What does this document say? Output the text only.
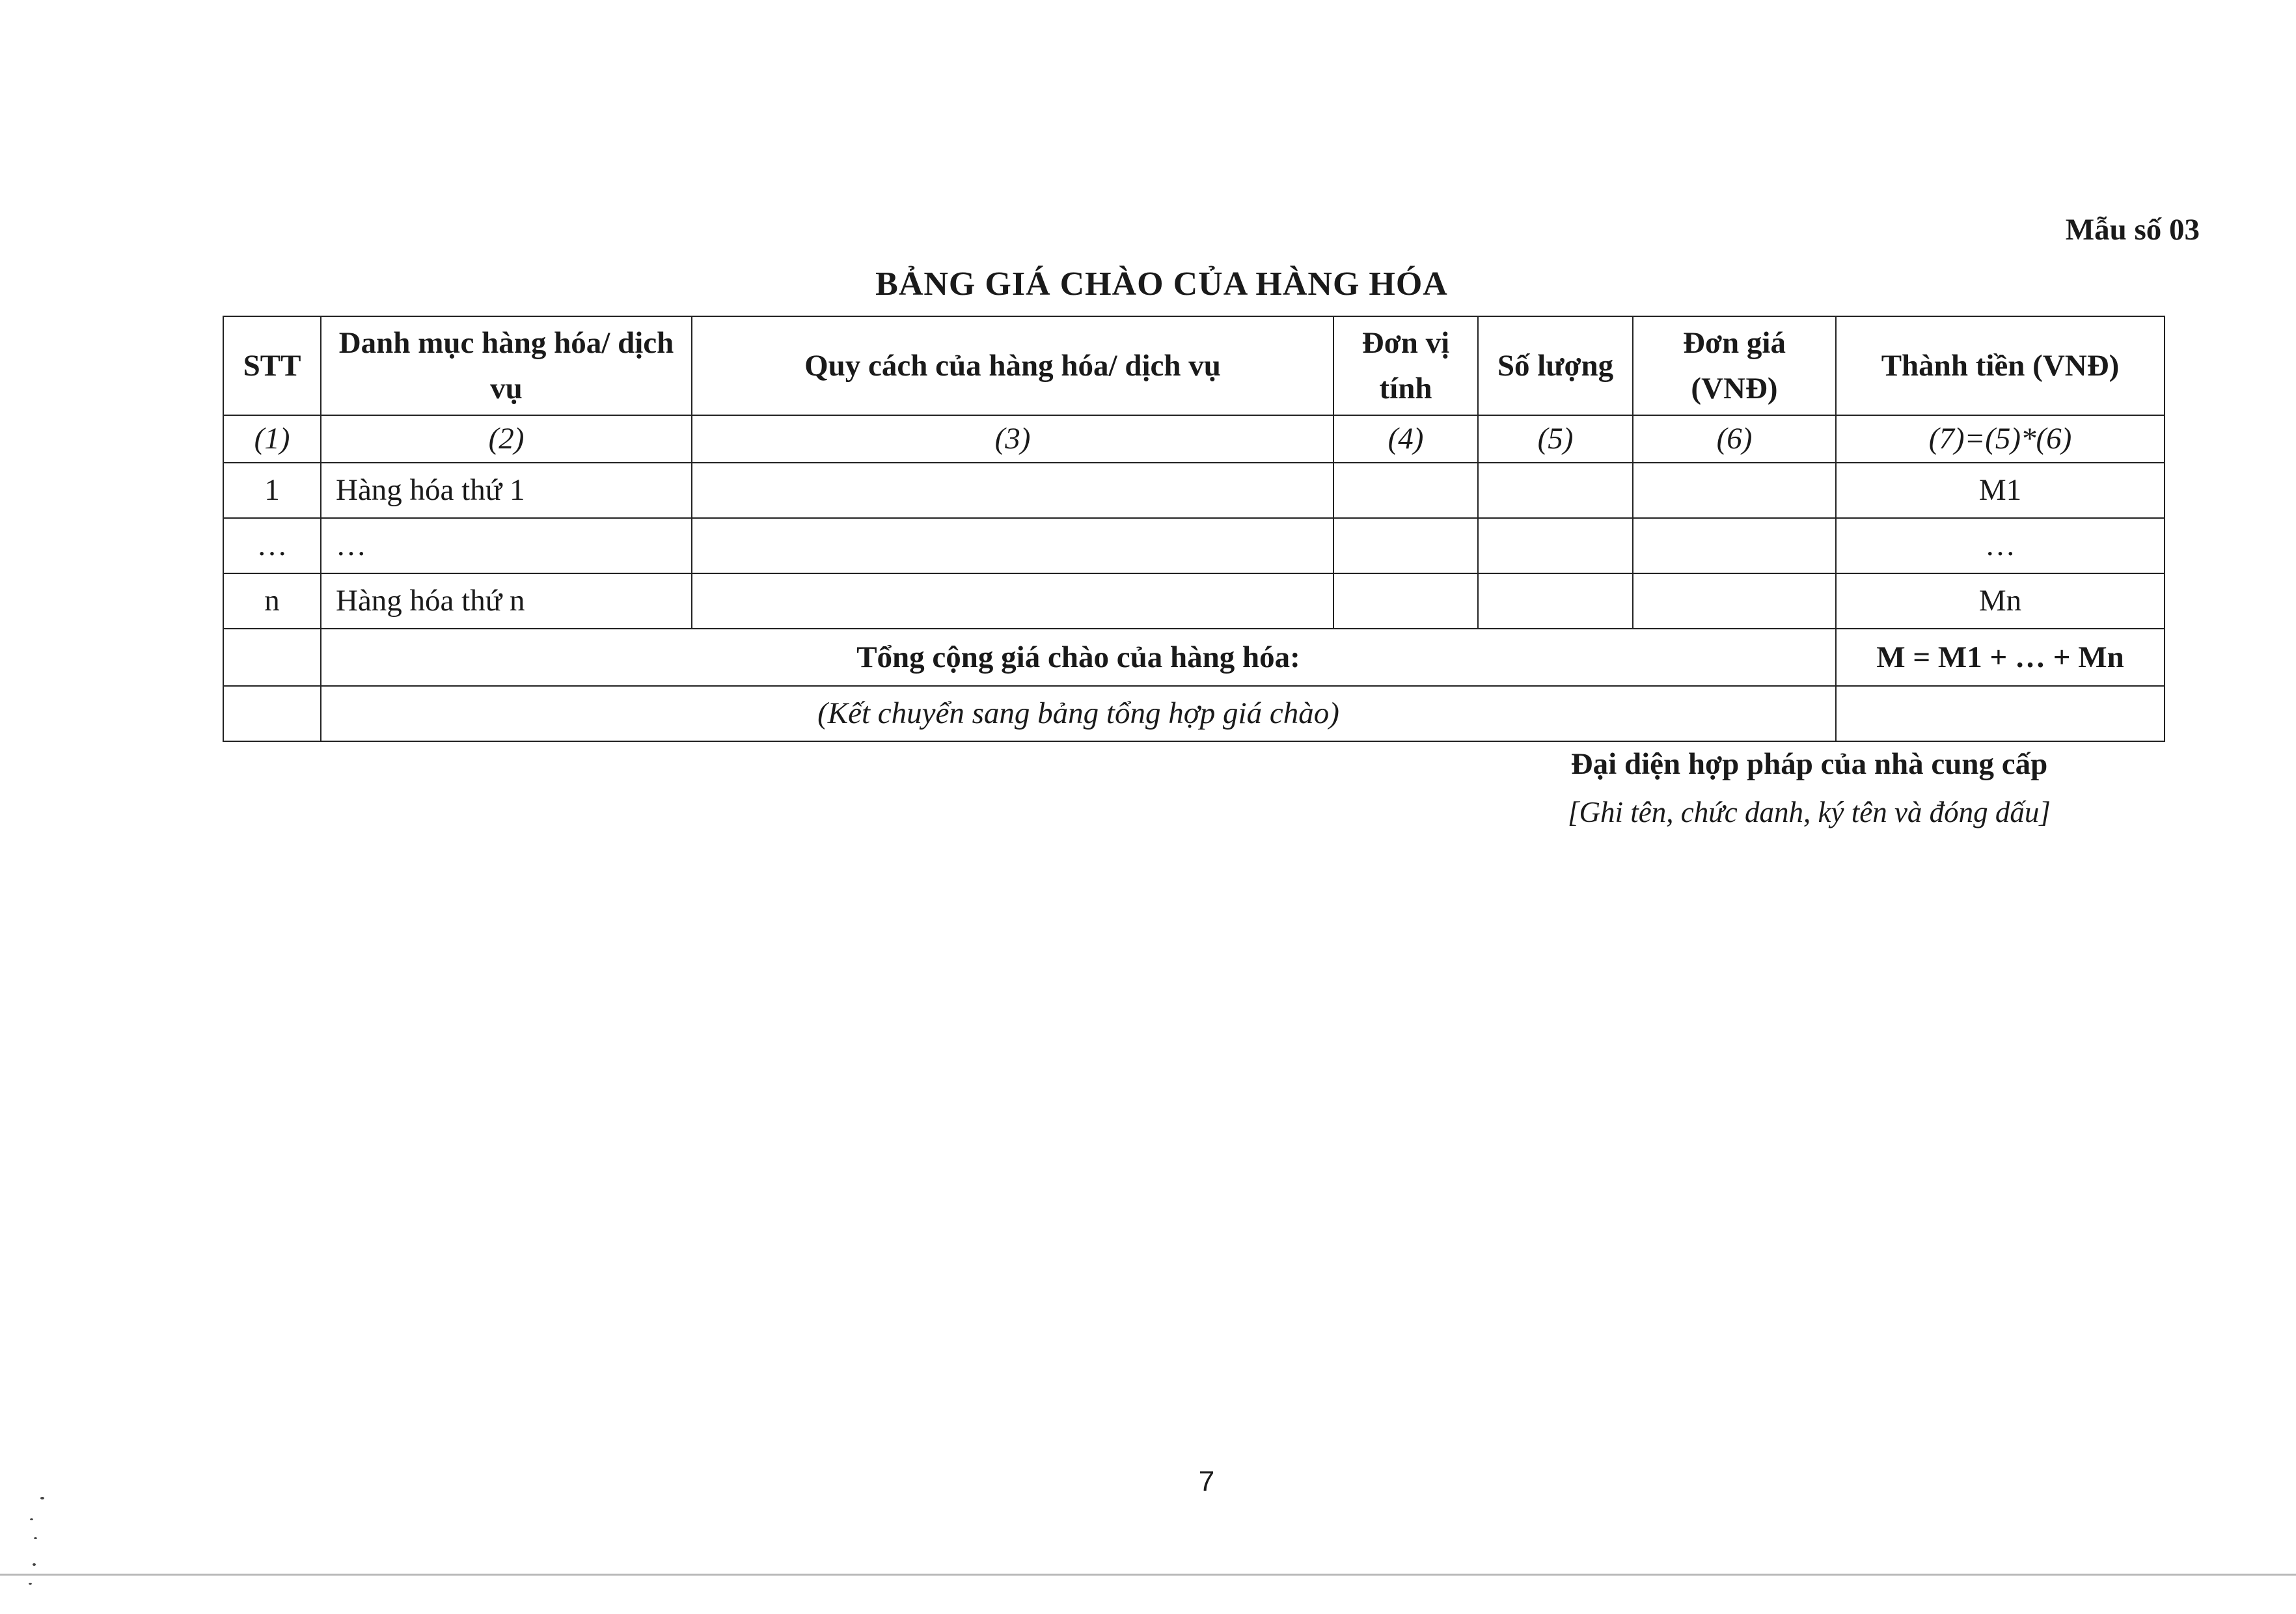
Mẫu số 03
BẢNG GIÁ CHÀO CỦA HÀNG HÓA
STT	Danh mục hàng hóa/ dịch vụ	Quy cách của hàng hóa/ dịch vụ	Đơn vị tính	Số lượng	Đơn giá (VNĐ)	Thành tiền (VNĐ)
(1)	(2)	(3)	(4)	(5)	(6)	(7)=(5)*(6)
1	Hàng hóa thứ 1					M1
…	…					…
n	Hàng hóa thứ n					Mn
	Tổng cộng giá chào của hàng hóa:					M = M1 + … + Mn
	(Kết chuyển sang bảng tổng hợp giá chào)					
Đại diện hợp pháp của nhà cung cấp
[Ghi tên, chức danh, ký tên và đóng dấu]
7
